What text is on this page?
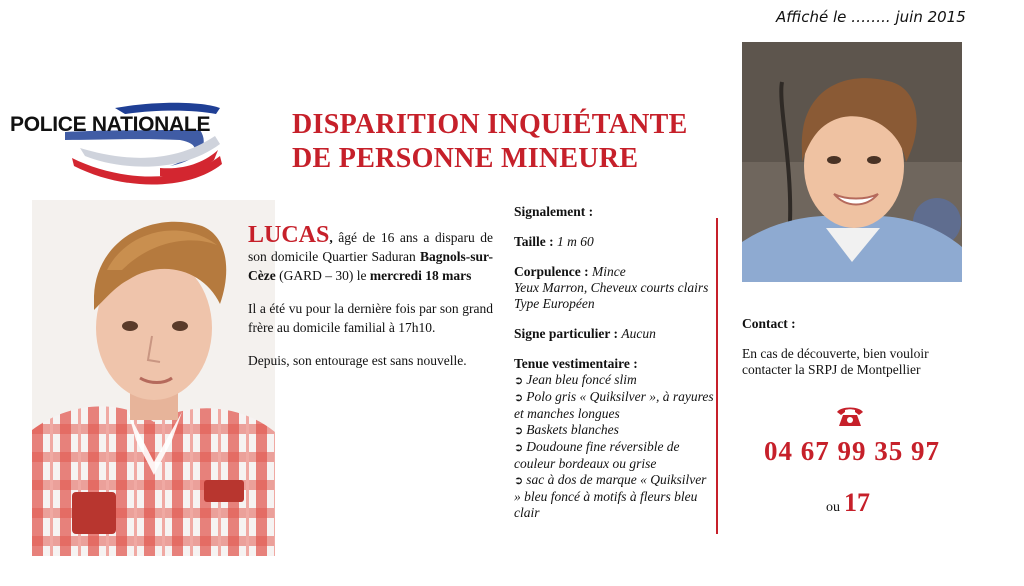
Affiché le …….. juin 2015
POLICE NATIONALE	DISPARITION INQUIÉTANTE
DE PERSONNE MINEURE

LUCAS, âgé de 16 ans a disparu de son domicile Quartier Saduran Bagnols-sur-Cèze (GARD – 30) le mercredi 18 mars

Il a été vu pour la dernière fois par son grand frère au domicile familial à 17h10.

Depuis, son entourage est sans nouvelle.

Signalement :
Taille : 1 m 60
Corpulence : Mince
Yeux Marron, Cheveux courts clairs
Type Européen
Signe particulier : Aucun
Tenue vestimentaire :
➲ Jean bleu foncé slim
➲ Polo gris « Quiksilver », à rayures et manches longues
➲ Baskets blanches
➲ Doudoune fine réversible de couleur bordeaux ou grise
➲ sac à dos de marque « Quiksilver » bleu foncé à motifs à fleurs bleu clair
Contact :
En cas de découverte, bien vouloir contacter la SRPJ de Montpellier
04 67 99 35 97
ou 17
